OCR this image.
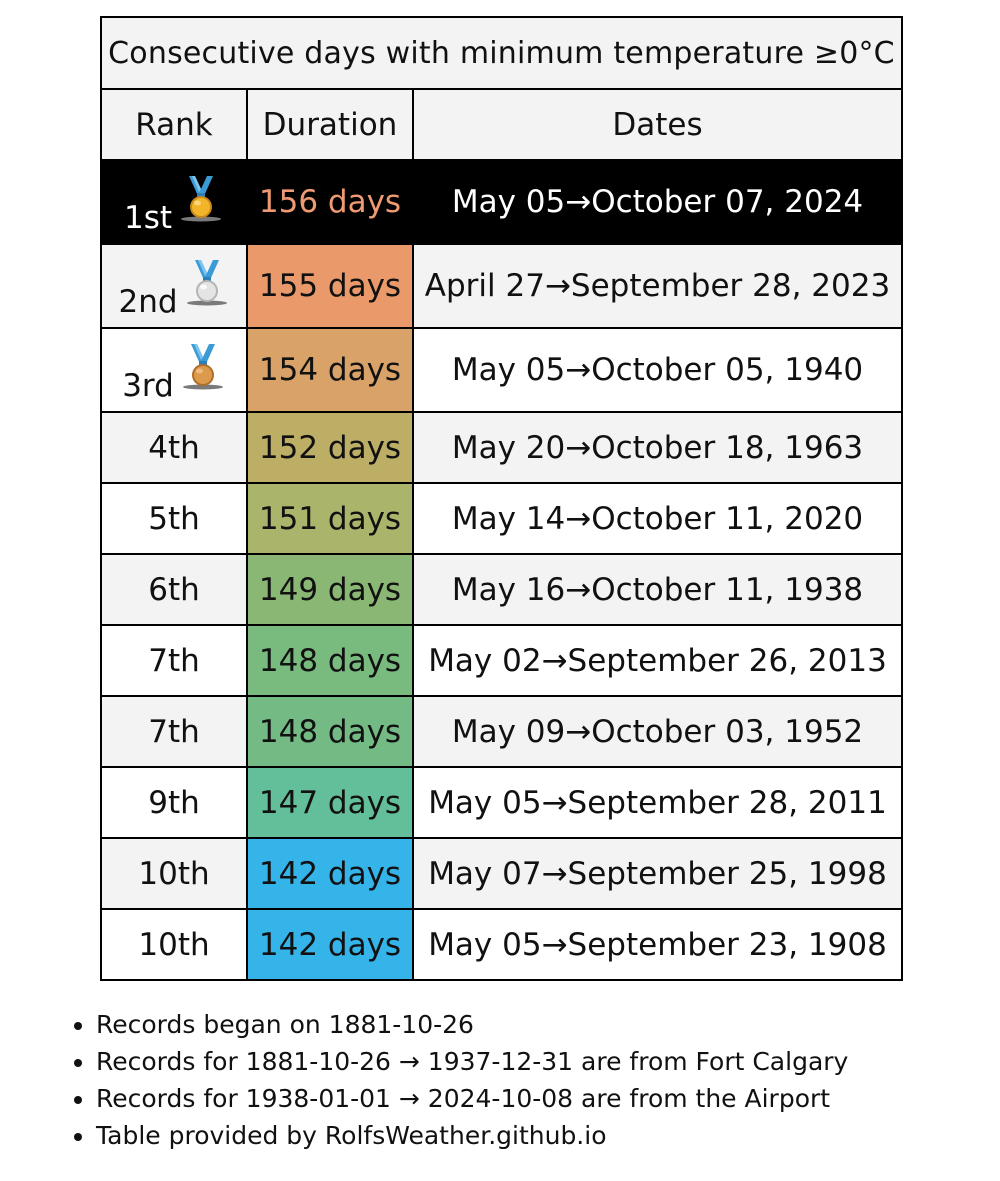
Consecutive days with minimum temperature ≥0°C		
Rank	Duration	Dates

1st	156 days	May 05→October 07, 2024

2nd	155 days	April 27→September 28, 2023

3rd	154 days	May 05→October 05, 1940
4th	152 days	May 20→October 18, 1963
5th	151 days	May 14→October 11, 2020
6th	149 days	May 16→October 11, 1938
7th	148 days	May 02→September 26, 2013
7th	148 days	May 09→October 03, 1952
9th	147 days	May 05→September 28, 2011
10th	142 days	May 07→September 25, 1998
10th	142 days	May 05→September 23, 1908
• Records began on 1881-10-26
• Records for 1881-10-26 → 1937-12-31 are from Fort Calgary
• Records for 1938-01-01 → 2024-10-08 are from the Airport
• Table provided by RolfsWeather.github.io
